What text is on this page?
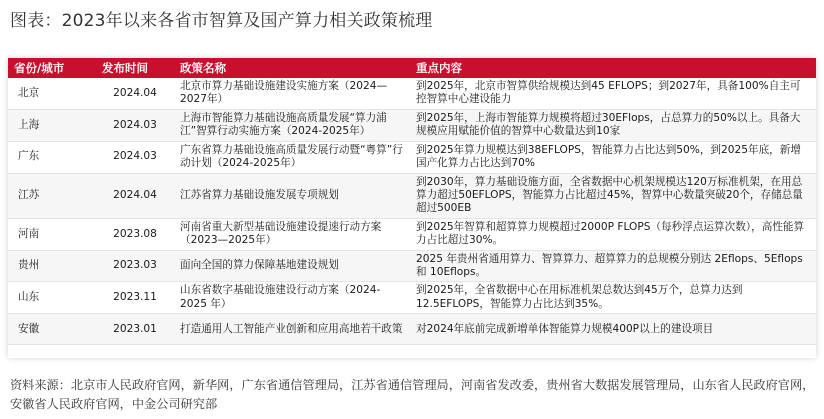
图表：2023年以来各省市智算及国产算力相关政策梳理
省份/城市	发布时间	政策名称	重点内容
北京	2024.04	北京市算力基础设施建设实施方案（2024—2027年）	到2025年，北京市智算供给规模达到45 EFLOPS；到2027年，具备100%自主可控智算中心建设能力
上海	2024.03	上海市智能算力基础设施高质量发展“算力浦江”智算行动实施方案（2024-2025年）	到2025年，上海市智能算力规模将超过30EFlops，占总算力的50%以上。具备大规模应用赋能价值的智算中心数量达到10家
广东	2024.03	广东省算力基础设施高质量发展行动暨“粤算”行动计划（2024-2025年）	到2025年算力规模达到38EFLOPS，智能算力占比达到50%，到2025年底，新增国产化算力占比达到70%
江苏	2024.04	江苏省算力基础设施发展专项规划	到2030年，算力基础设施方面，全省数据中心机架规模达120万标准机架，在用总算力超过50EFLOPS，智能算力占比超过45%，智算中心数量突破20个，存储总量超过500EB
河南	2023.08	河南省重大新型基础设施建设提速行动方案（2023—2025年）	到2025年智算和超算算力规模超过2000P FLOPS（每秒浮点运算次数），高性能算力占比超过30%。
贵州	2023.03	面向全国的算力保障基地建设规划	2025 年贵州省通用算力、智算算力、超算算力的总规模分别达 2Eflops、5Eflops 和 10Eflops。
山东	2023.11	山东省数字基础设施建设行动方案（2024-2025 年）	到2025年，全省数据中心在用标准机架总数达到45万个，总算力达到12.5EFLOPS，智能算力占比达到35%。
安徽	2023.01	打造通用人工智能产业创新和应用高地若干政策	对2024年底前完成新增单体智能算力规模400P以上的建设项目
资料来源：北京市人民政府官网，新华网，广东省通信管理局，江苏省通信管理局，河南省发改委，贵州省大数据发展管理局，山东省人民政府官网，安徽省人民政府官网，中金公司研究部
